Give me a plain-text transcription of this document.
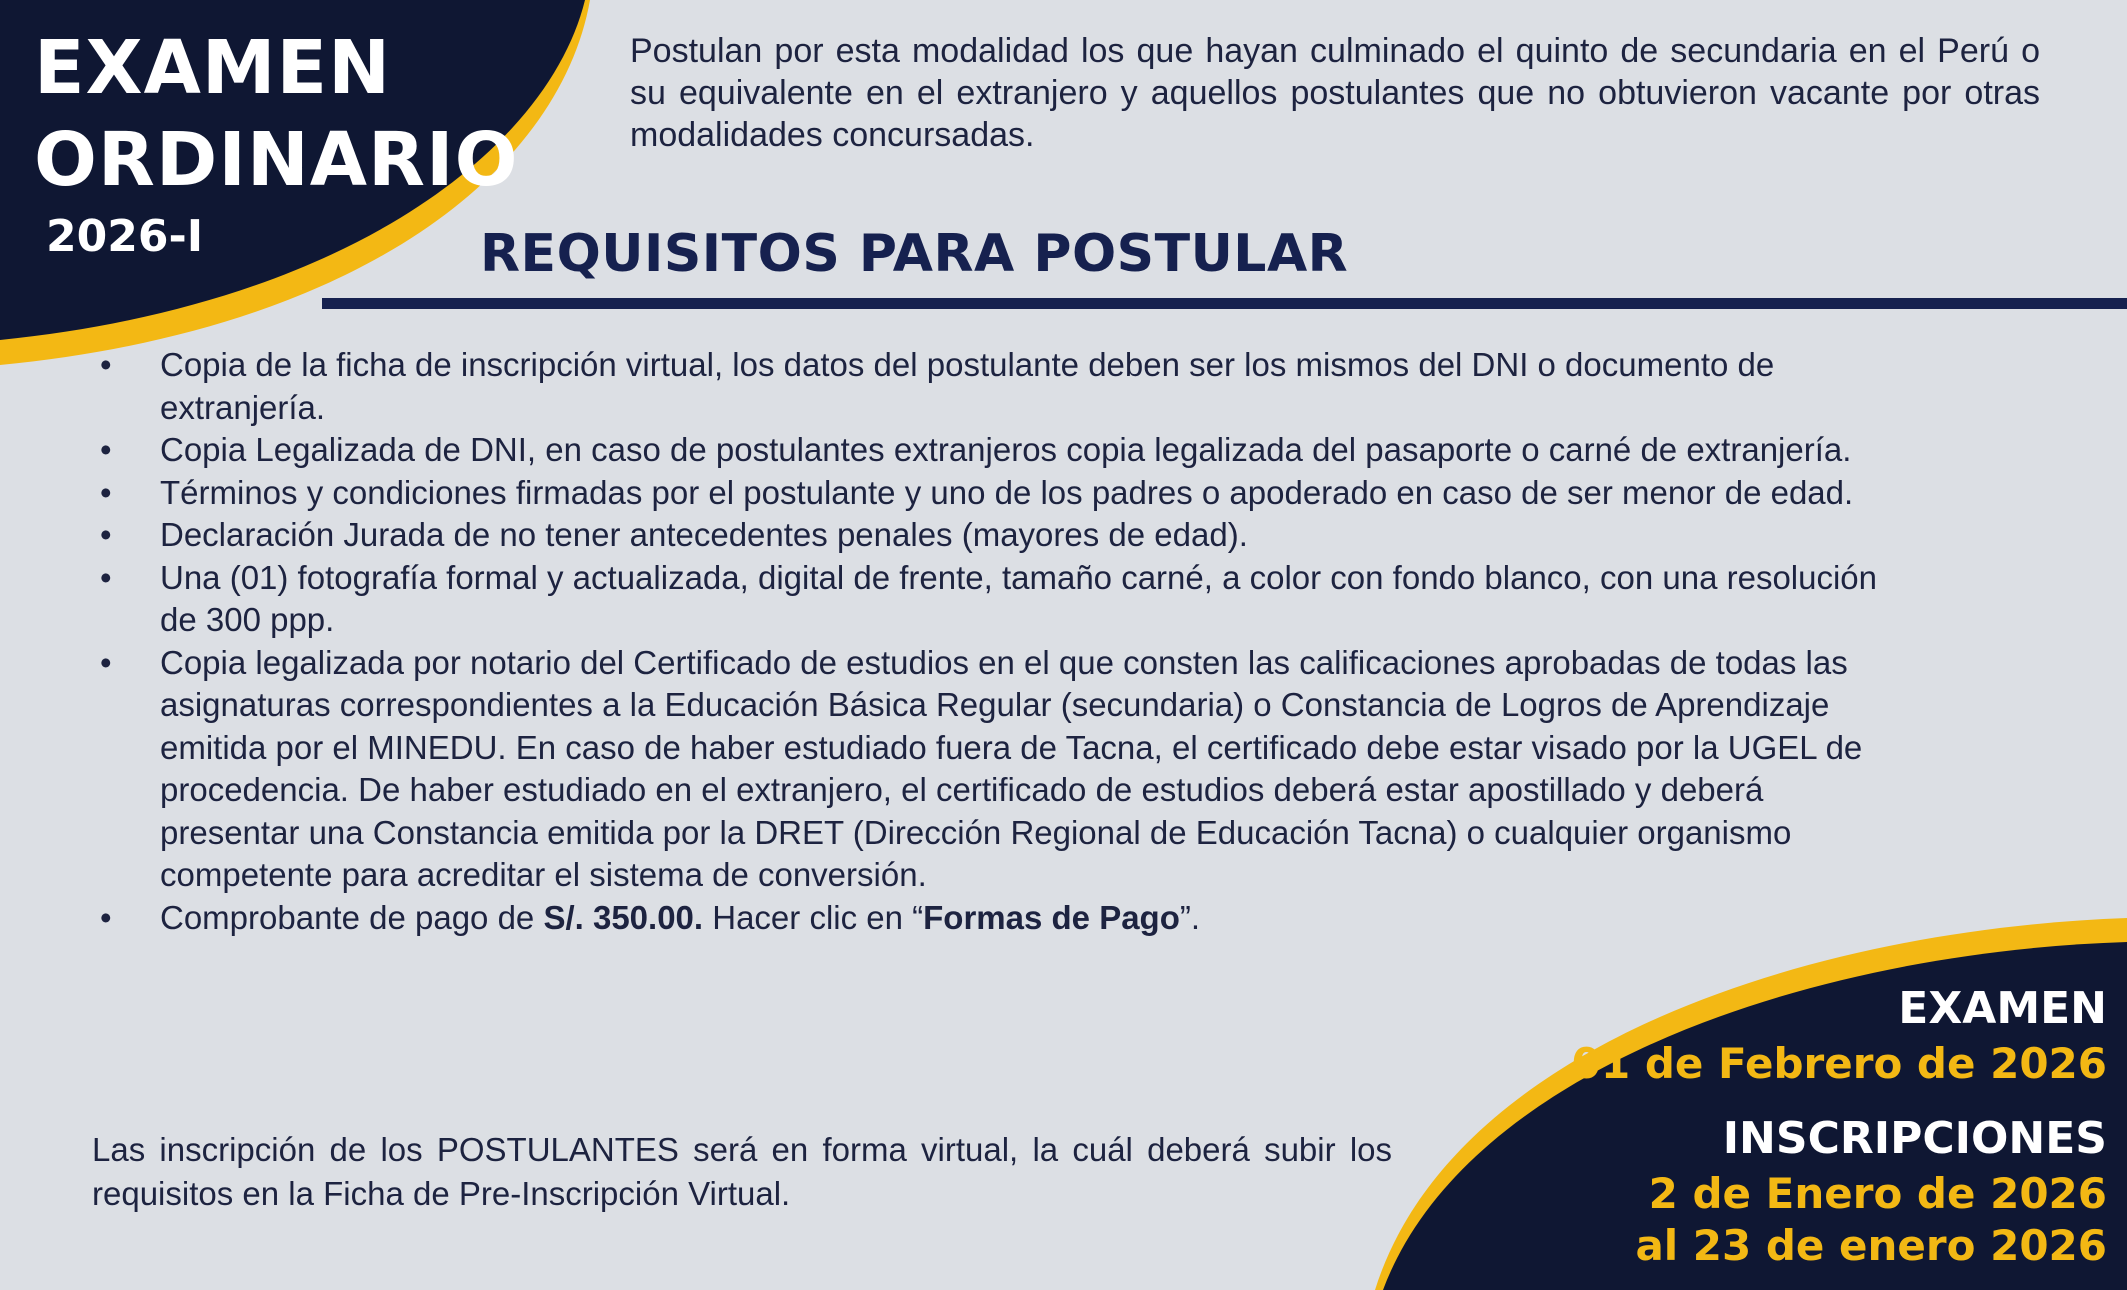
EXAMEN
ORDINARIO
2026-I

Postulan por esta modalidad los que hayan culminado el quinto de secundaria en el Perú o su equivalente en el extranjero y aquellos postulantes que no obtuvieron vacante por otras modalidades concursadas.

REQUISITOS PARA POSTULAR
• Copia de la ficha de inscripción virtual, los datos del postulante deben ser los mismos del DNI o documento de extranjería.
• Copia Legalizada de DNI, en caso de postulantes extranjeros copia legalizada del pasaporte o carné de extranjería.
• Términos y condiciones firmadas por el postulante y uno de los padres o apoderado en caso de ser menor de edad.
• Declaración Jurada de no tener antecedentes penales (mayores de edad).
• Una (01) fotografía formal y actualizada, digital de frente, tamaño carné, a color con fondo blanco, con una resolución de 300 ppp.
• Copia legalizada por notario del Certificado de estudios en el que consten las calificaciones aprobadas de todas las asignaturas correspondientes a la Educación Básica Regular (secundaria) o Constancia de Logros de Aprendizaje emitida por el MINEDU. En caso de haber estudiado fuera de Tacna, el certificado debe estar visado por la UGEL de procedencia. De haber estudiado en el extranjero, el certificado de estudios deberá estar apostillado y deberá presentar una Constancia emitida por la DRET (Dirección Regional de Educación Tacna) o cualquier organismo competente para acreditar el sistema de conversión.
• Comprobante de pago de S/. 350.00. Hacer clic en “Formas de Pago”.

Las inscripción de los POSTULANTES será en forma virtual, la cuál deberá subir los requisitos en la Ficha de Pre-Inscripción Virtual.

EXAMEN
01 de Febrero de 2026
INSCRIPCIONES
2 de Enero de 2026
al 23 de enero 2026
